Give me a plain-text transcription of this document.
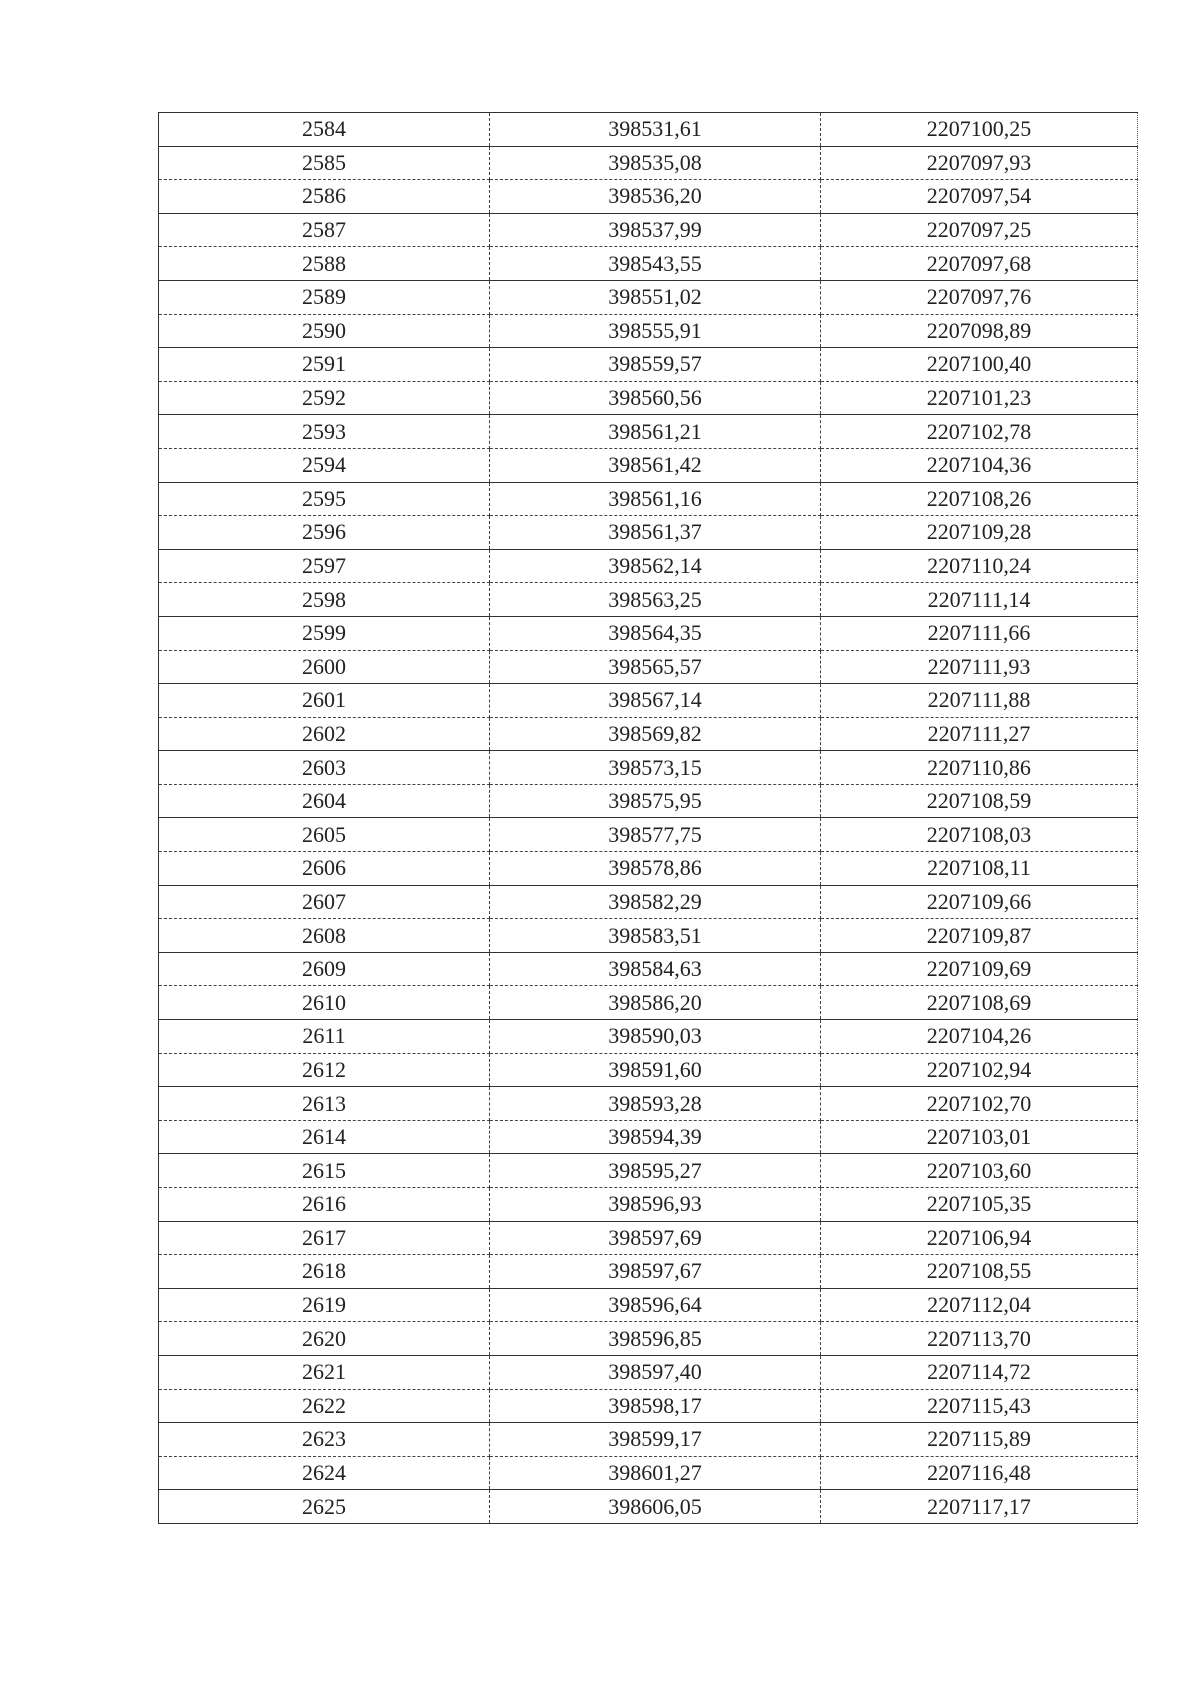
2584	398531,61	2207100,25
2585	398535,08	2207097,93
2586	398536,20	2207097,54
2587	398537,99	2207097,25
2588	398543,55	2207097,68
2589	398551,02	2207097,76
2590	398555,91	2207098,89
2591	398559,57	2207100,40
2592	398560,56	2207101,23
2593	398561,21	2207102,78
2594	398561,42	2207104,36
2595	398561,16	2207108,26
2596	398561,37	2207109,28
2597	398562,14	2207110,24
2598	398563,25	2207111,14
2599	398564,35	2207111,66
2600	398565,57	2207111,93
2601	398567,14	2207111,88
2602	398569,82	2207111,27
2603	398573,15	2207110,86
2604	398575,95	2207108,59
2605	398577,75	2207108,03
2606	398578,86	2207108,11
2607	398582,29	2207109,66
2608	398583,51	2207109,87
2609	398584,63	2207109,69
2610	398586,20	2207108,69
2611	398590,03	2207104,26
2612	398591,60	2207102,94
2613	398593,28	2207102,70
2614	398594,39	2207103,01
2615	398595,27	2207103,60
2616	398596,93	2207105,35
2617	398597,69	2207106,94
2618	398597,67	2207108,55
2619	398596,64	2207112,04
2620	398596,85	2207113,70
2621	398597,40	2207114,72
2622	398598,17	2207115,43
2623	398599,17	2207115,89
2624	398601,27	2207116,48
2625	398606,05	2207117,17
